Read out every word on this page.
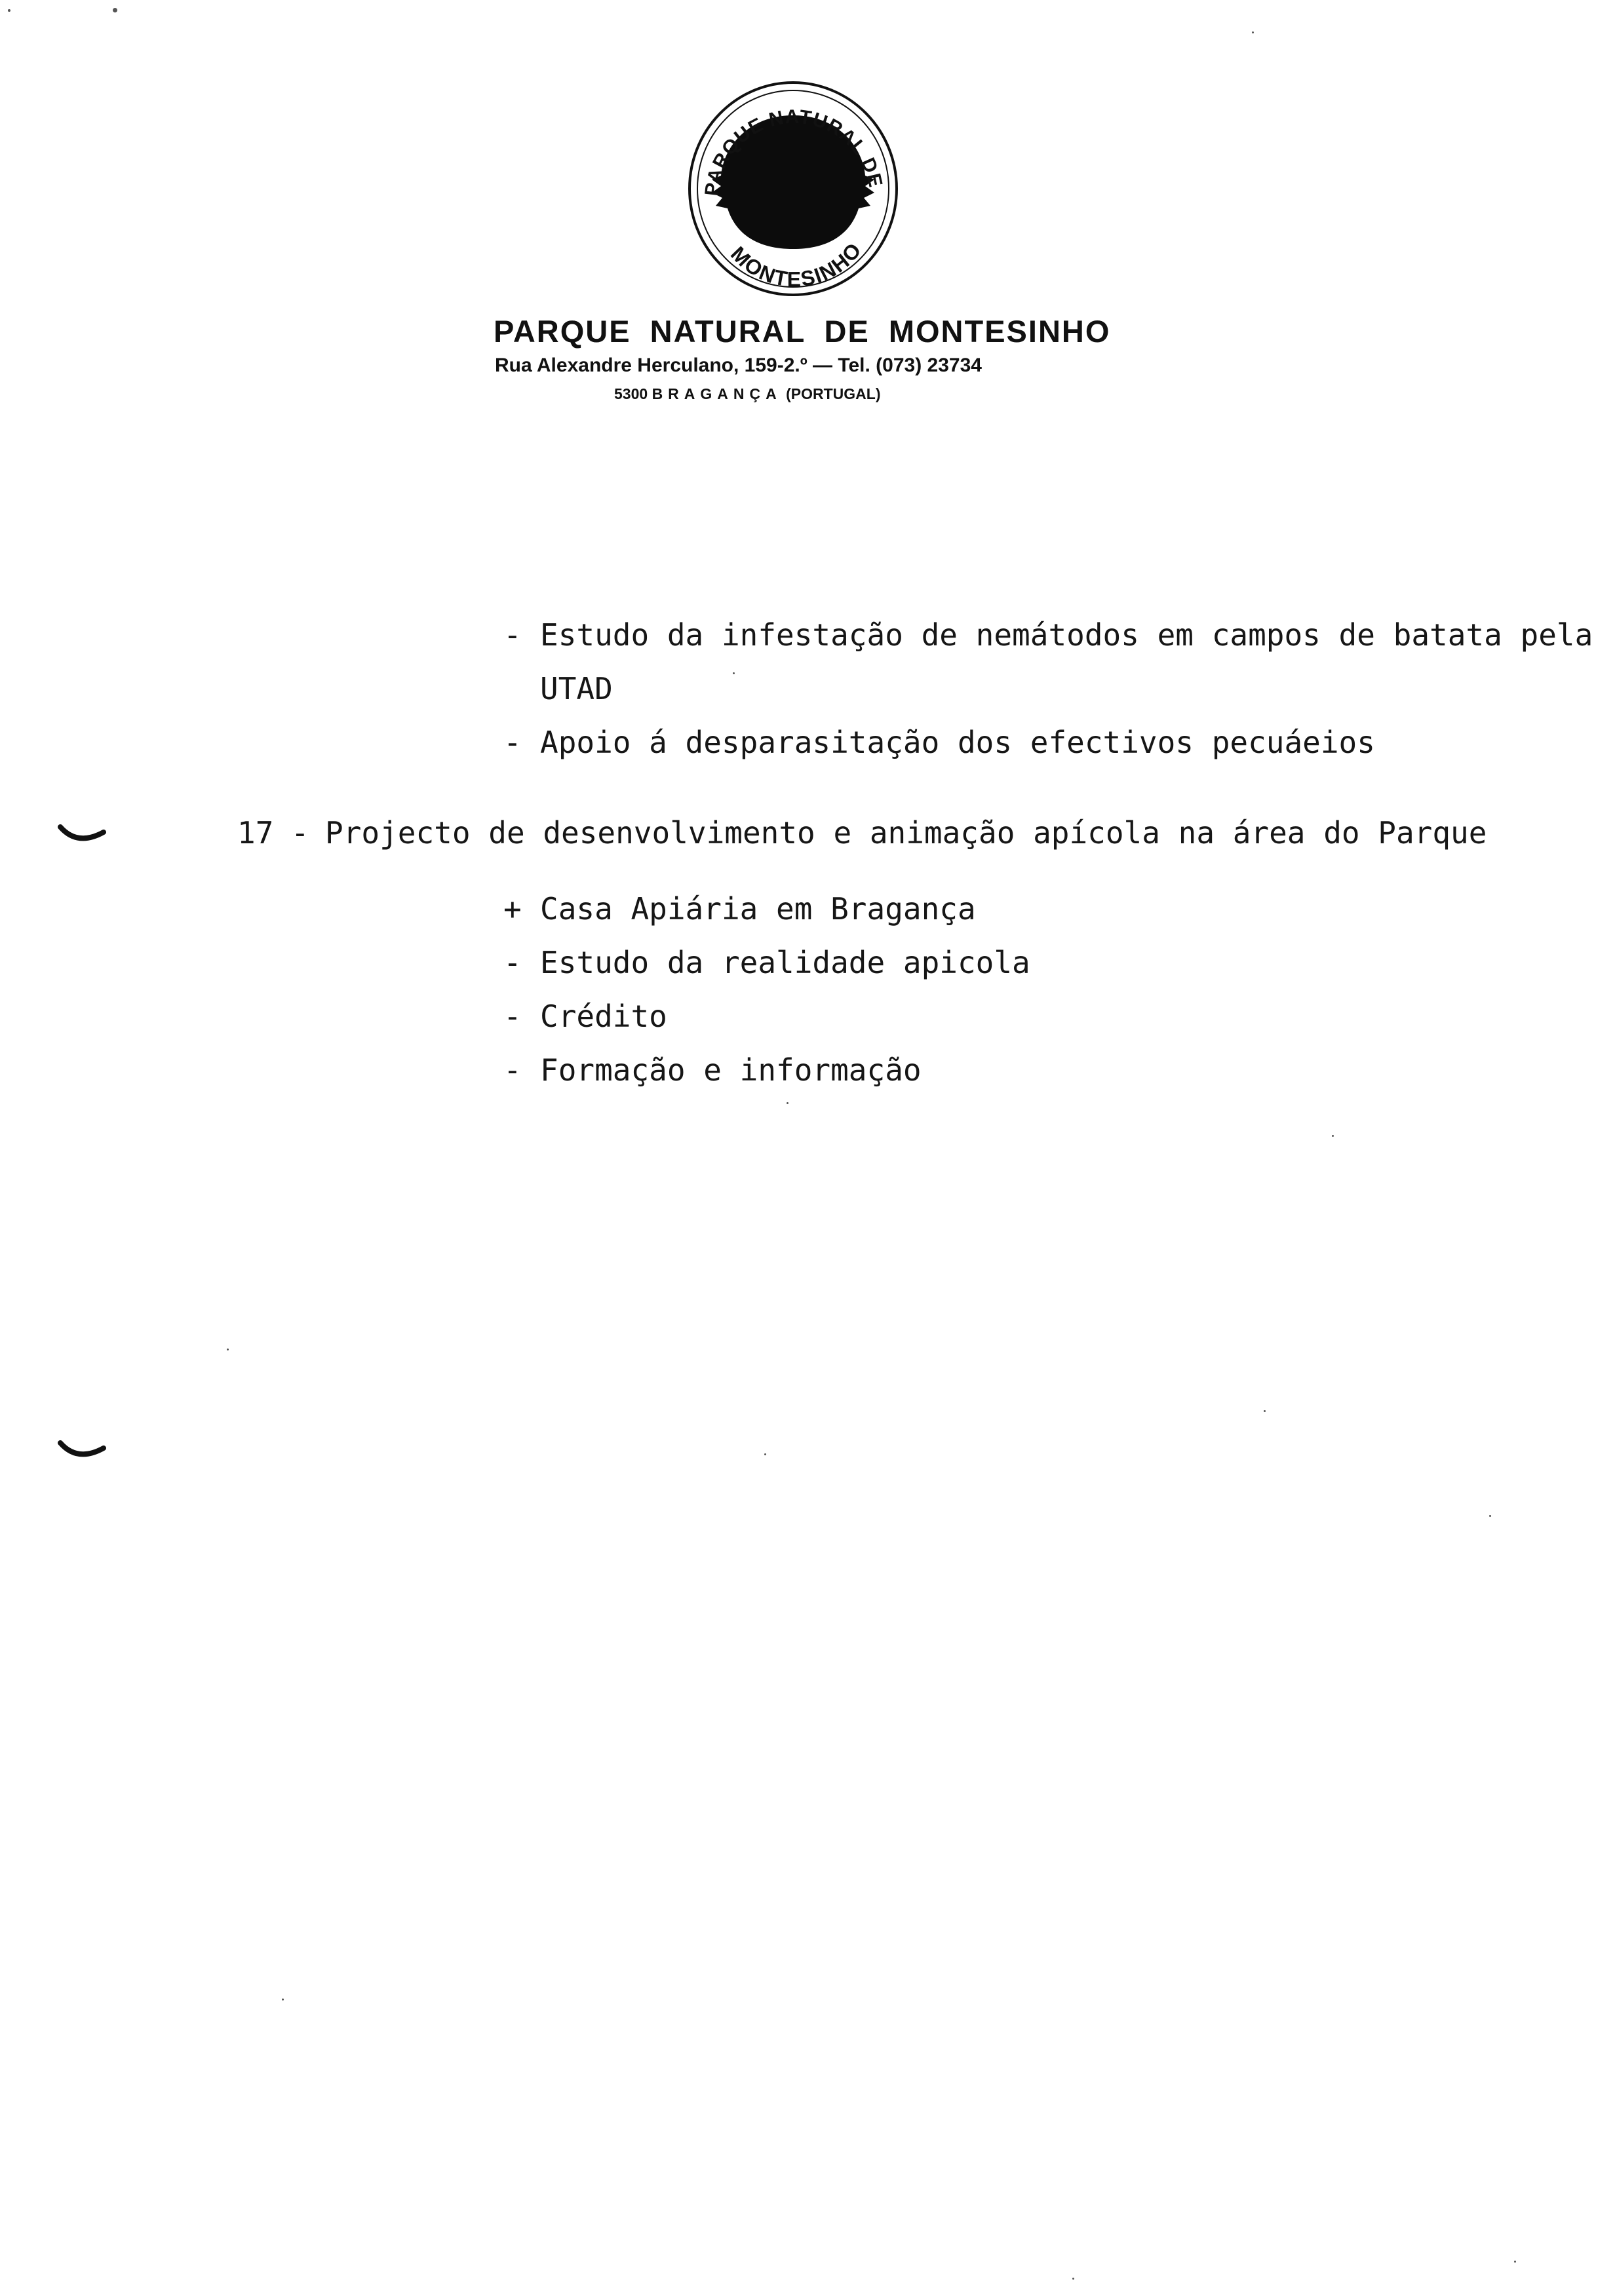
PARQUE NATURAL DE
MONTESINHO
PARQUE NATURAL DE MONTESINHO
Rua Alexandre Herculano, 159-2.º — Tel. (073) 23734
5300 BRAGANÇA (PORTUGAL)
- Estudo da infestação de nemátodos em campos de batata pela
UTAD
- Apoio á desparasitação dos efectivos pecuáeios
17 - Projecto de desenvolvimento e animação apícola na área do Parque
+ Casa Apiária em Bragança
- Estudo da realidade apicola
- Crédito
- Formação e informação
